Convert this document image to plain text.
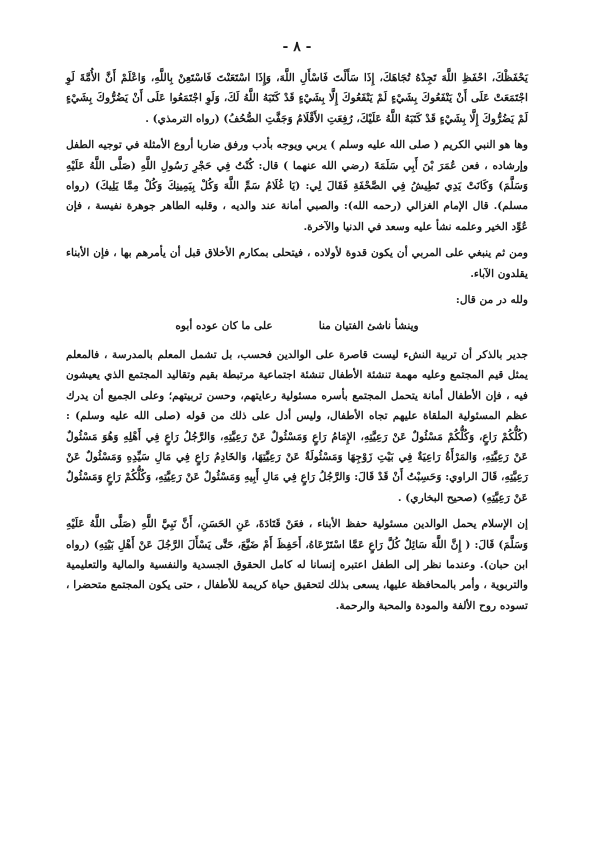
- ٨ -

يَحْفَظْكَ، احْفَظِ اللَّهَ تَجِدْهُ تُجَاهَكَ، إِذَا سَأَلْتَ فَاسْأَلِ اللَّهَ، وَإِذَا اسْتَعَنْتَ فَاسْتَعِنْ بِاللَّهِ، وَاعْلَمْ أَنَّ الأُمَّةَ لَوِ اجْتَمَعَتْ عَلَى أَنْ يَنْفَعُوكَ بِشَيْءٍ لَمْ يَنْفَعُوكَ إِلَّا بِشَيْءٍ قَدْ كَتَبَهُ اللَّهُ لَكَ، وَلَوِ اجْتَمَعُوا عَلَى أَنْ يَضُرُّوكَ بِشَيْءٍ لَمْ يَضُرُّوكَ إِلَّا بِشَيْءٍ قَدْ كَتَبَهُ اللَّهُ عَلَيْكَ، رُفِعَتِ الأَقْلَامُ وَجَفَّتِ الصُّحُفُ) (رواه الترمذي) .

وها هو النبي الكريم ( صلى الله عليه وسلم ) يربي ويوجه بأدب ورفق ضاربا أروع الأمثلة في توجيه الطفل وإرشاده ، فعن عُمَرَ بْنَ أَبِي سَلَمَةَ (رضي الله عنهما ) قال: كُنْتُ فِي حَجْرِ رَسُولِ اللَّهِ (صَلَّى اللَّهُ عَلَيْهِ وَسَلَّمَ) وَكَانَتْ يَدِي تَطِيشُ فِي الصَّحْفَةِ فَقَالَ لِي: (يَا غُلَامُ سَمِّ اللَّهَ وَكُلْ بِيَمِينِكَ وَكُلْ مِمَّا يَلِيكَ) (رواه مسلم). قال الإمام الغزالي (رحمه الله): والصبي أمانة عند والديه ، وقلبه الطاهر جوهرة نفيسة ، فإن عُوِّد الخير وعلمه نشأ عليه وسعد في الدنيا والآخرة.

ومن ثم ينبغي على المربي أن يكون قدوة لأولاده ، فيتحلى بمكارم الأخلاق قبل أن يأمرهم بها ، فإن الأبناء يقلدون الآباء.

ولله در من قال:
وينشأ ناشئ الفتيان منا
على ما كان عوده أبوه

جدير بالذكر أن تربية النشء ليست قاصرة على الوالدين فحسب، بل تشمل المعلم بالمدرسة ، فالمعلم يمثل قيم المجتمع وعليه مهمة تنشئة الأطفال تنشئة اجتماعية مرتبطة بقيم وتقاليد المجتمع الذي يعيشون فيه ، فإن الأطفال أمانة يتحمل المجتمع بأسره مسئولية رعايتهم، وحسن تربيتهم؛ وعلى الجميع أن يدرك عظم المسئولية الملقاة عليهم تجاه الأطفال، وليس أدل على ذلك من قوله (صلى الله عليه وسلم) : (كُلُّكُمْ رَاعٍ، وَكُلُّكُمْ مَسْئُولٌ عَنْ رَعِيَّتِهِ، الإِمَامُ رَاعٍ وَمَسْئُولٌ عَنْ رَعِيَّتِهِ، وَالرَّجُلُ رَاعٍ فِي أَهْلِهِ وَهُوَ مَسْئُولٌ عَنْ رَعِيَّتِهِ، وَالمَرْأَةُ رَاعِيَةٌ فِي بَيْتِ زَوْجِهَا وَمَسْئُولَةٌ عَنْ رَعِيَّتِهَا، وَالخَادِمُ رَاعٍ فِي مَالِ سَيِّدِهِ وَمَسْئُولٌ عَنْ رَعِيَّتِهِ، قَالَ الراوي: وَحَسِبْتُ أَنْ قَدْ قَالَ: وَالرَّجُلُ رَاعٍ فِي مَالِ أَبِيهِ وَمَسْئُولٌ عَنْ رَعِيَّتِهِ، وَكُلُّكُمْ رَاعٍ وَمَسْئُولٌ عَنْ رَعِيَّتِهِ) (صحيح البخاري) .

إن الإسلام يحمل الوالدين مسئولية حفظ الأبناء ، فعَنْ قَتَادَةَ، عَنِ الحَسَنِ، أَنَّ نَبِيَّ اللَّهِ (صَلَّى اللَّهُ عَلَيْهِ وَسَلَّمَ) قَالَ: ( إِنَّ اللَّهَ سَائِلٌ كُلَّ رَاعٍ عَمَّا اسْتَرْعَاهُ، أَحَفِظَ أَمْ ضَيَّعَ، حَتَّى يَسْأَلَ الرَّجُلَ عَنْ أَهْلِ بَيْتِهِ) (رواه ابن حبان). وعندما نظر إلى الطفل اعتبره إنسانا له كامل الحقوق الجسدية والنفسية والمالية والتعليمية والتربوية ، وأمر بالمحافظة عليها، يسعى بذلك لتحقيق حياة كريمة للأطفال ، حتى يكون المجتمع متحضرا ، تسوده روح الألفة والمودة والمحبة والرحمة.
